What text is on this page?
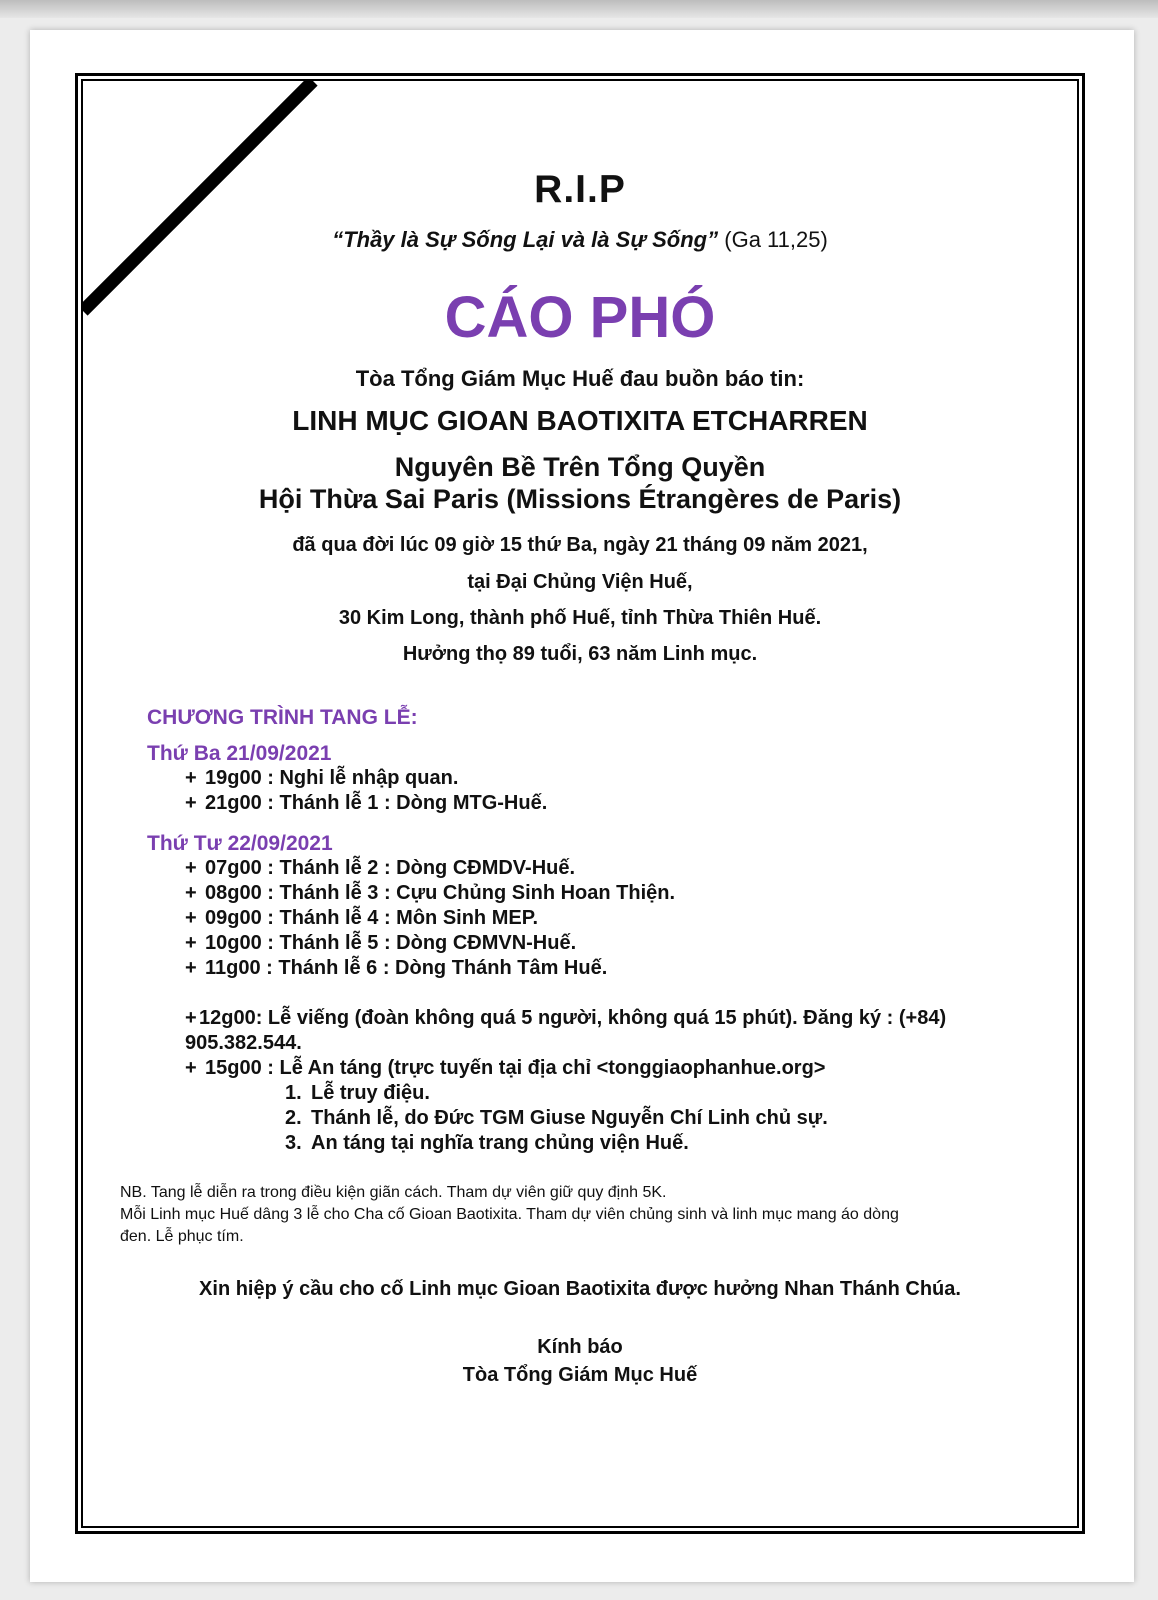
R.I.P
“Thầy là Sự Sống Lại và là Sự Sống” (Ga 11,25)
CÁO PHÓ
Tòa Tổng Giám Mục Huế đau buồn báo tin:
LINH MỤC GIOAN BAOTIXITA ETCHARREN
Nguyên Bề Trên Tổng Quyền
Hội Thừa Sai Paris (Missions Étrangères de Paris)
đã qua đời lúc 09 giờ 15 thứ Ba, ngày 21 tháng 09 năm 2021,
tại Đại Chủng Viện Huế,
30 Kim Long, thành phố Huế, tỉnh Thừa Thiên Huế.
Hưởng thọ 89 tuổi, 63 năm Linh mục.
CHƯƠNG TRÌNH TANG LỄ:
Thứ Ba 21/09/2021
+ 19g00 : Nghi lễ nhập quan.
+ 21g00 : Thánh lễ 1 : Dòng MTG-Huế.
Thứ Tư 22/09/2021
+ 07g00 : Thánh lễ 2 : Dòng CĐMDV-Huế.
+ 08g00 : Thánh lễ 3 : Cựu Chủng Sinh Hoan Thiện.
+ 09g00 : Thánh lễ 4 : Môn Sinh MEP.
+ 10g00 : Thánh lễ 5 : Dòng CĐMVN-Huế.
+ 11g00 : Thánh lễ 6 : Dòng Thánh Tâm Huế.
+ 12g00: Lễ viếng (đoàn không quá 5 người, không quá 15 phút). Đăng ký : (+84)
905.382.544.
+ 15g00 : Lễ An táng (trực tuyến tại địa chỉ <tonggiaophanhue.org>
1. Lễ truy điệu.
2. Thánh lễ, do Đức TGM Giuse Nguyễn Chí Linh chủ sự.
3. An táng tại nghĩa trang chủng viện Huế.
NB. Tang lễ diễn ra trong điều kiện giãn cách. Tham dự viên giữ quy định 5K.
Mỗi Linh mục Huế dâng 3 lễ cho Cha cố Gioan Baotixita. Tham dự viên chủng sinh và linh mục mang áo dòng
đen. Lễ phục tím.
Xin hiệp ý cầu cho cố Linh mục Gioan Baotixita được hưởng Nhan Thánh Chúa.
Kính báo
Tòa Tổng Giám Mục Huế
